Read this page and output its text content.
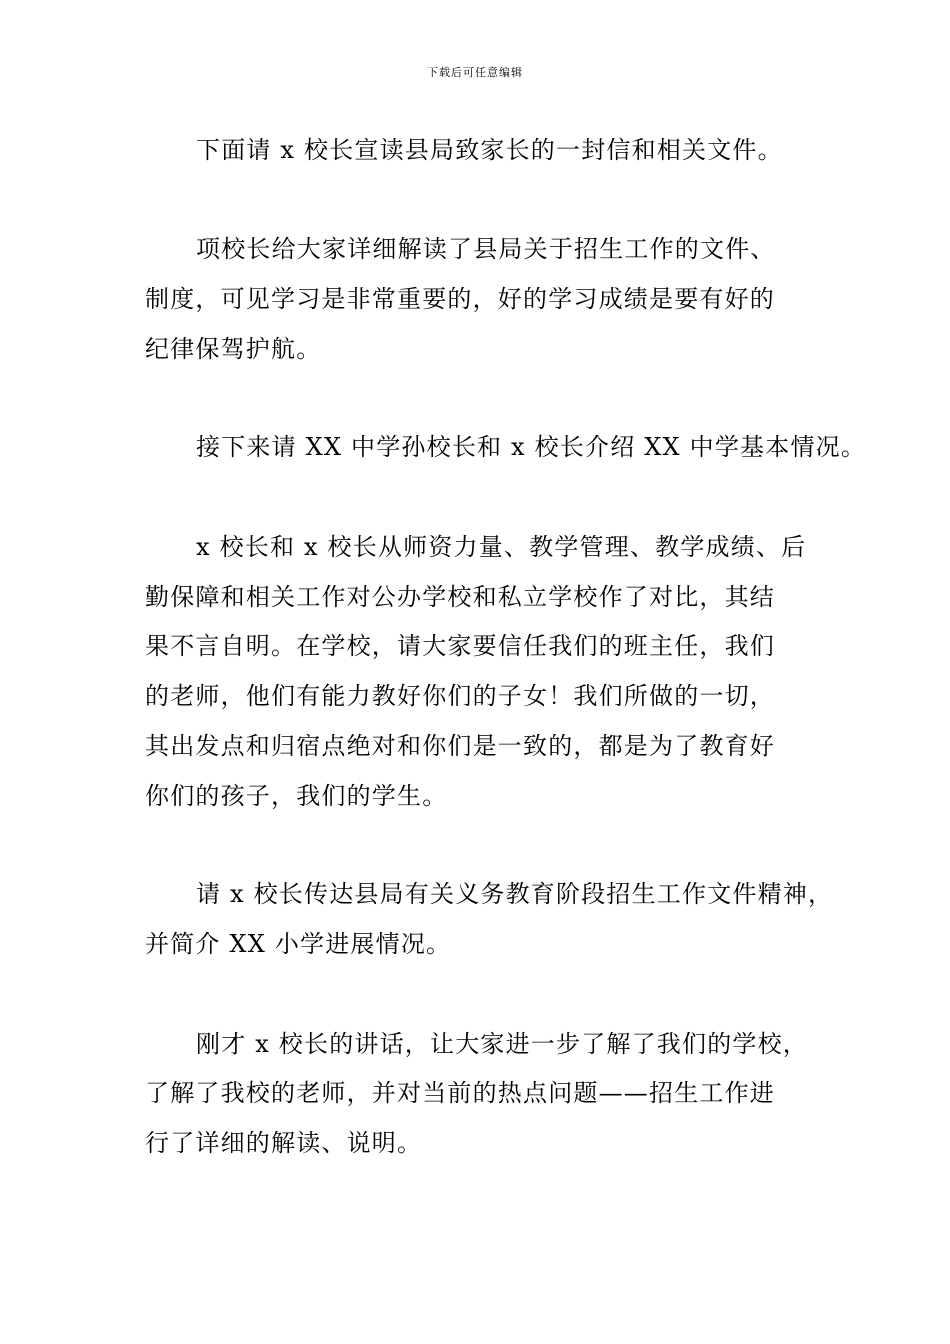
下载后可任意编辑
下面请 x 校长宣读县局致家长的一封信和相关文件。
项校长给大家详细解读了县局关于招生工作的文件、
制度，可见学习是非常重要的，好的学习成绩是要有好的
纪律保驾护航。
接下来请 XX 中学孙校长和 x 校长介绍 XX 中学基本情况。
x 校长和 x 校长从师资力量、教学管理、教学成绩、后
勤保障和相关工作对公办学校和私立学校作了对比，其结
果不言自明。在学校，请大家要信任我们的班主任，我们
的老师，他们有能力教好你们的子女！我们所做的一切，
其出发点和归宿点绝对和你们是一致的，都是为了教育好
你们的孩子，我们的学生。
请 x 校长传达县局有关义务教育阶段招生工作文件精神，
并简介 XX 小学进展情况。
刚才 x 校长的讲话，让大家进一步了解了我们的学校，
了解了我校的老师，并对当前的热点问题——招生工作进
行了详细的解读、说明。
